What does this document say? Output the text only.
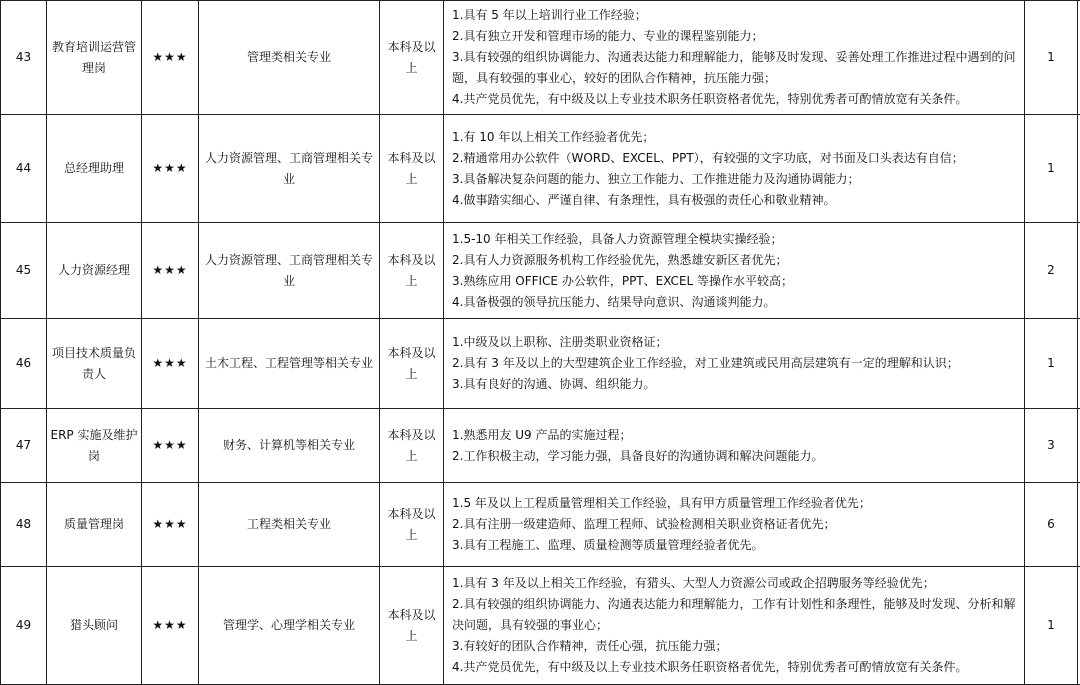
43	教育培训运营管理岗	★★★	管理类相关专业	本科及以上	1.具有 5 年以上培训行业工作经验；
2.具有独立开发和管理市场的能力、专业的课程鉴别能力；
3.具有较强的组织协调能力、沟通表达能力和理解能力，能够及时发现、妥善处理工作推进过程中遇到的问题，具有较强的事业心，较好的团队合作精神，抗压能力强；
4.共产党员优先，有中级及以上专业技术职务任职资格者优先，特别优秀者可酌情放宽有关条件。	1	
44	总经理助理	★★★	人力资源管理、工商管理相关专业	本科及以上	1.有 10 年以上相关工作经验者优先；
2.精通常用办公软件（WORD、EXCEL、PPT），有较强的文字功底，对书面及口头表达有自信；
3.具备解决复杂问题的能力、独立工作能力、工作推进能力及沟通协调能力；
4.做事踏实细心、严谨自律、有条理性，具有极强的责任心和敬业精神。	1	
45	人力资源经理	★★★	人力资源管理、工商管理相关专业	本科及以上	1.5-10 年相关工作经验，具备人力资源管理全模块实操经验；
2.具有人力资源服务机构工作经验优先，熟悉雄安新区者优先；
3.熟练应用 OFFICE 办公软件，PPT、EXCEL 等操作水平较高；
4.具备极强的领导抗压能力、结果导向意识、沟通谈判能力。	2	
46	项目技术质量负责人	★★★	土木工程、工程管理等相关专业	本科及以上	1.中级及以上职称、注册类职业资格证；
2.具有 3 年及以上的大型建筑企业工作经验，对工业建筑或民用高层建筑有一定的理解和认识；
3.具有良好的沟通、协调、组织能力。	1	
47	ERP 实施及维护岗	★★★	财务、计算机等相关专业	本科及以上	1.熟悉用友 U9 产品的实施过程；
2.工作积极主动，学习能力强，具备良好的沟通协调和解决问题能力。	3	
48	质量管理岗	★★★	工程类相关专业	本科及以上	1.5 年及以上工程质量管理相关工作经验，具有甲方质量管理工作经验者优先；
2.具有注册一级建造师、监理工程师、试验检测相关职业资格证者优先；
3.具有工程施工、监理、质量检测等质量管理经验者优先。	6	
49	猎头顾问	★★★	管理学、心理学相关专业	本科及以上	1.具有 3 年及以上相关工作经验，有猎头、大型人力资源公司或政企招聘服务等经验优先；
2.具有较强的组织协调能力、沟通表达能力和理解能力，工作有计划性和条理性，能够及时发现、分析和解决问题，具有较强的事业心；
3.有较好的团队合作精神，责任心强，抗压能力强；
4.共产党员优先，有中级及以上专业技术职务任职资格者优先，特别优秀者可酌情放宽有关条件。	1	
